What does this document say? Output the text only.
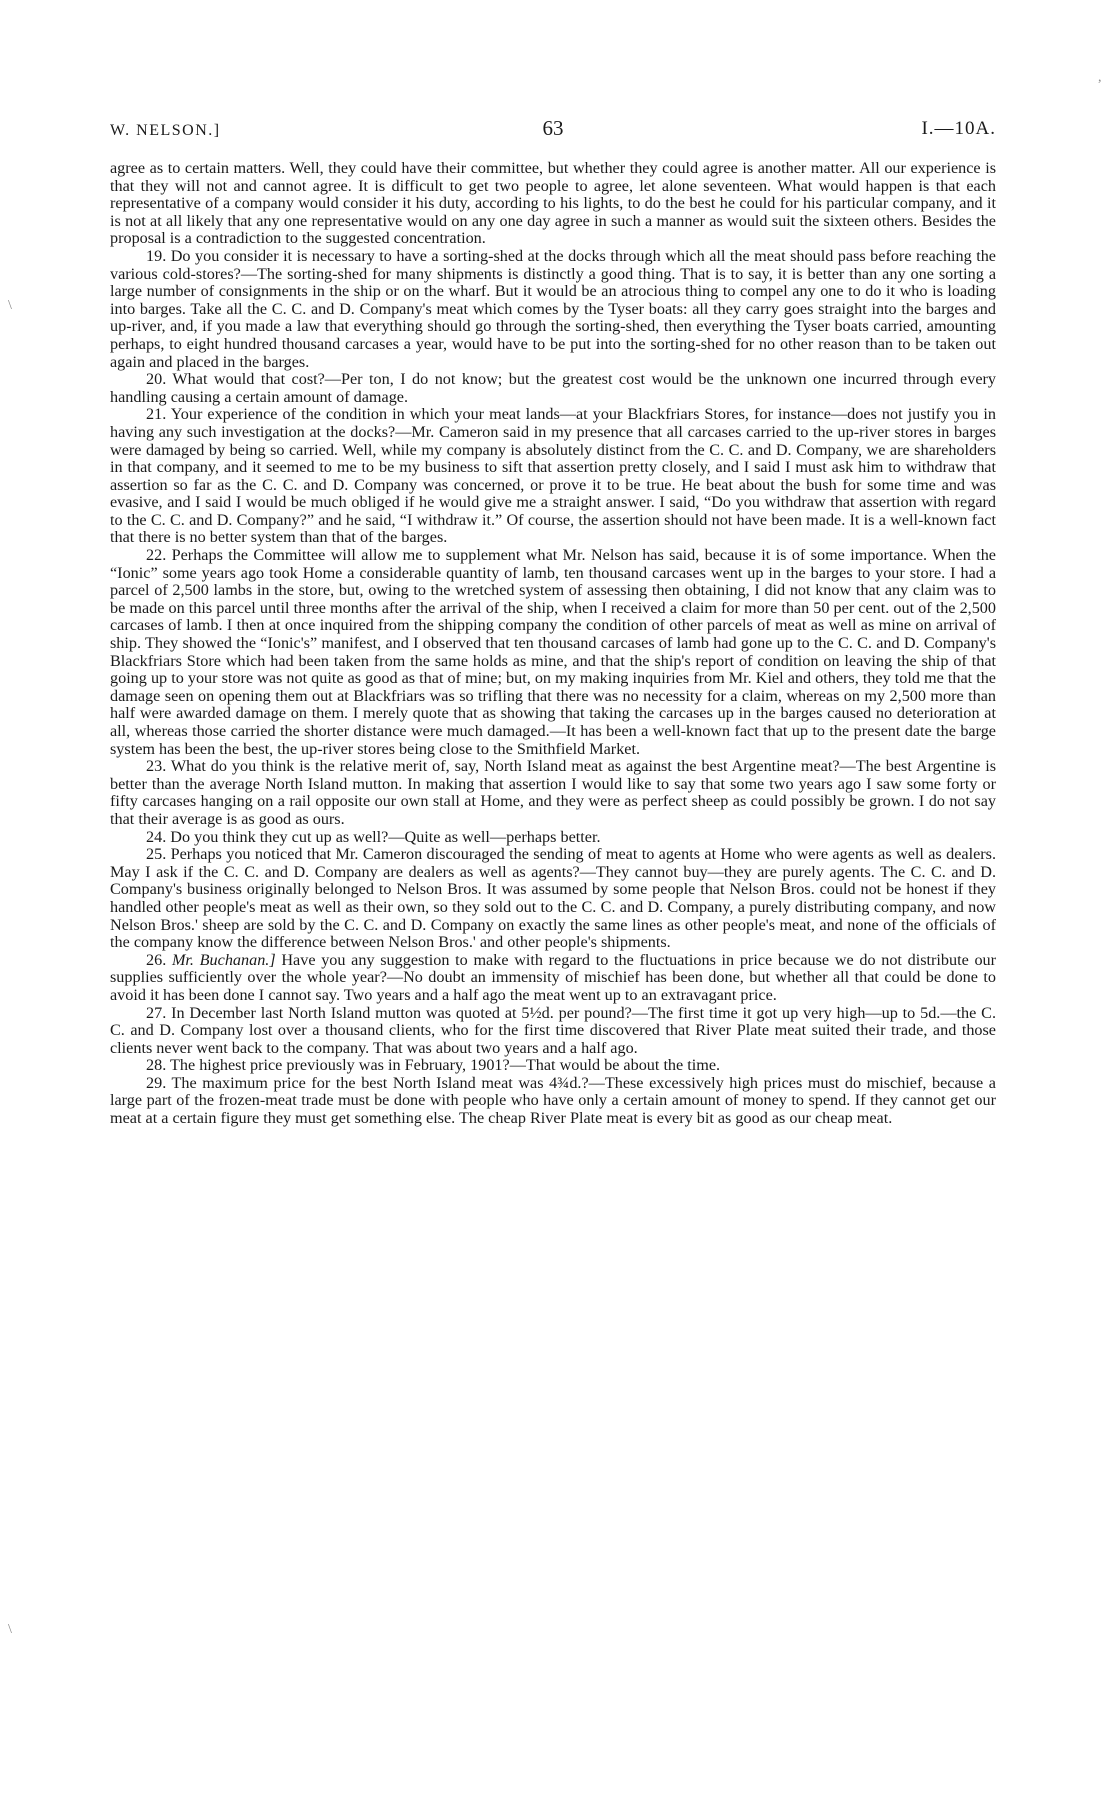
W. NELSON.]	63	I.—10A.

agree as to certain matters. Well, they could have their committee, but whether they could agree is another matter. All our experience is that they will not and cannot agree. It is difficult to get two people to agree, let alone seventeen. What would happen is that each representative of a company would consider it his duty, according to his lights, to do the best he could for his particular company, and it is not at all likely that any one representative would on any one day agree in such a manner as would suit the sixteen others. Besides the proposal is a contradiction to the suggested concentration.

19. Do you consider it is necessary to have a sorting-shed at the docks through which all the meat should pass before reaching the various cold-stores?—The sorting-shed for many shipments is distinctly a good thing. That is to say, it is better than any one sorting a large number of consignments in the ship or on the wharf. But it would be an atrocious thing to compel any one to do it who is loading into barges. Take all the C. C. and D. Company's meat which comes by the Tyser boats: all they carry goes straight into the barges and up-river, and, if you made a law that everything should go through the sorting-shed, then everything the Tyser boats carried, amounting perhaps, to eight hundred thousand carcases a year, would have to be put into the sorting-shed for no other reason than to be taken out again and placed in the barges.

20. What would that cost?—Per ton, I do not know; but the greatest cost would be the unknown one incurred through every handling causing a certain amount of damage.

21. Your experience of the condition in which your meat lands—at your Blackfriars Stores, for instance—does not justify you in having any such investigation at the docks?—Mr. Cameron said in my presence that all carcases carried to the up-river stores in barges were damaged by being so carried. Well, while my company is absolutely distinct from the C. C. and D. Company, we are shareholders in that company, and it seemed to me to be my business to sift that assertion pretty closely, and I said I must ask him to withdraw that assertion so far as the C. C. and D. Company was concerned, or prove it to be true. He beat about the bush for some time and was evasive, and I said I would be much obliged if he would give me a straight answer. I said, “Do you withdraw that assertion with regard to the C. C. and D. Company?” and he said, “I withdraw it.” Of course, the assertion should not have been made. It is a well-known fact that there is no better system than that of the barges.

22. Perhaps the Committee will allow me to supplement what Mr. Nelson has said, because it is of some importance. When the “Ionic” some years ago took Home a considerable quantity of lamb, ten thousand carcases went up in the barges to your store. I had a parcel of 2,500 lambs in the store, but, owing to the wretched system of assessing then obtaining, I did not know that any claim was to be made on this parcel until three months after the arrival of the ship, when I received a claim for more than 50 per cent. out of the 2,500 carcases of lamb. I then at once inquired from the shipping company the condition of other parcels of meat as well as mine on arrival of ship. They showed the “Ionic's” manifest, and I observed that ten thousand carcases of lamb had gone up to the C. C. and D. Company's Blackfriars Store which had been taken from the same holds as mine, and that the ship's report of condition on leaving the ship of that going up to your store was not quite as good as that of mine; but, on my making inquiries from Mr. Kiel and others, they told me that the damage seen on opening them out at Blackfriars was so trifling that there was no necessity for a claim, whereas on my 2,500 more than half were awarded damage on them. I merely quote that as showing that taking the carcases up in the barges caused no deterioration at all, whereas those carried the shorter distance were much damaged.—It has been a well-known fact that up to the present date the barge system has been the best, the up-river stores being close to the Smithfield Market.

23. What do you think is the relative merit of, say, North Island meat as against the best Argentine meat?—The best Argentine is better than the average North Island mutton. In making that assertion I would like to say that some two years ago I saw some forty or fifty carcases hanging on a rail opposite our own stall at Home, and they were as perfect sheep as could possibly be grown. I do not say that their average is as good as ours.

24. Do you think they cut up as well?—Quite as well—perhaps better.

25. Perhaps you noticed that Mr. Cameron discouraged the sending of meat to agents at Home who were agents as well as dealers. May I ask if the C. C. and D. Company are dealers as well as agents?—They cannot buy—they are purely agents. The C. C. and D. Company's business originally belonged to Nelson Bros. It was assumed by some people that Nelson Bros. could not be honest if they handled other people's meat as well as their own, so they sold out to the C. C. and D. Company, a purely distributing company, and now Nelson Bros.' sheep are sold by the C. C. and D. Company on exactly the same lines as other people's meat, and none of the officials of the company know the difference between Nelson Bros.' and other people's shipments.

26. Mr. Buchanan.] Have you any suggestion to make with regard to the fluctuations in price because we do not distribute our supplies sufficiently over the whole year?—No doubt an immensity of mischief has been done, but whether all that could be done to avoid it has been done I cannot say. Two years and a half ago the meat went up to an extravagant price.

27. In December last North Island mutton was quoted at 5½d. per pound?—The first time it got up very high—up to 5d.—the C. C. and D. Company lost over a thousand clients, who for the first time discovered that River Plate meat suited their trade, and those clients never went back to the company. That was about two years and a half ago.

28. The highest price previously was in February, 1901?—That would be about the time.

29. The maximum price for the best North Island meat was 4¾d.?—These excessively high prices must do mischief, because a large part of the frozen-meat trade must be done with people who have only a certain amount of money to spend. If they cannot get our meat at a certain figure they must get something else. The cheap River Plate meat is every bit as good as our cheap meat.

\
\
,
